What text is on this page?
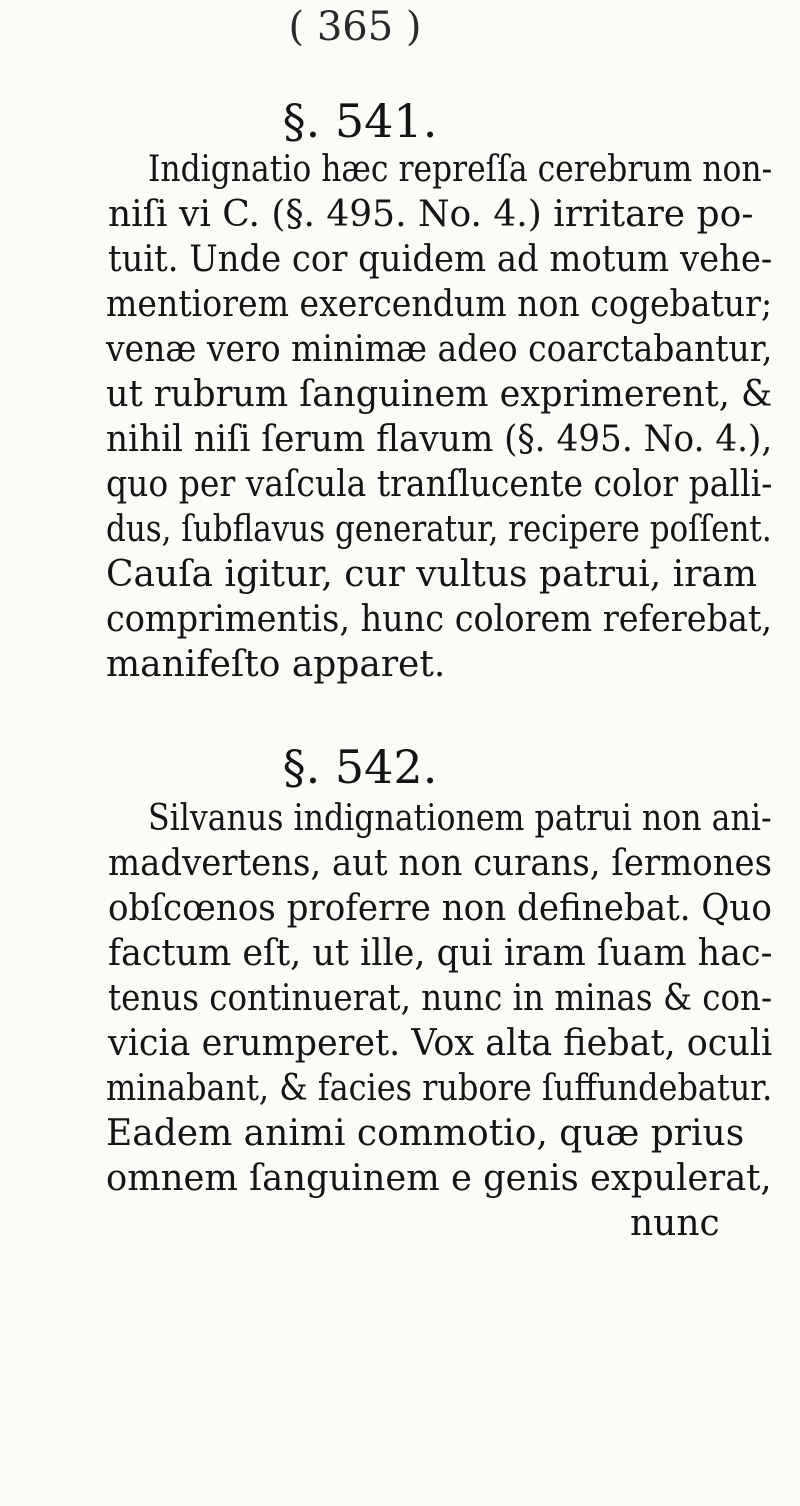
( 365 )
§. 541.

Indignatio hæc repreſſa cerebrum non-

niſi vi C. (§. 495. No. 4.) irritare po-

tuit. Unde cor quidem ad motum vehe-

mentiorem exercendum non cogebatur;

venæ vero minimæ adeo coarctabantur,

ut rubrum ſanguinem exprimerent, &

nihil niſi ſerum flavum (§. 495. No. 4.),

quo per vaſcula tranſlucente color palli-

dus, ſubflavus generatur, recipere poſſent.

Cauſa igitur, cur vultus patrui, iram

comprimentis, hunc colorem referebat,

manifeſto apparet.

§. 542.

Silvanus indignationem patrui non ani-

madvertens, aut non curans, ſermones

obſcœnos proferre non definebat. Quo

factum eſt, ut ille, qui iram ſuam hac-

tenus continuerat, nunc in minas & con-

vicia erumperet. Vox alta fiebat, oculi

minabant, & facies rubore ſuffundebatur.

Eadem animi commotio, quæ prius

omnem ſanguinem e genis expulerat,

nunc
